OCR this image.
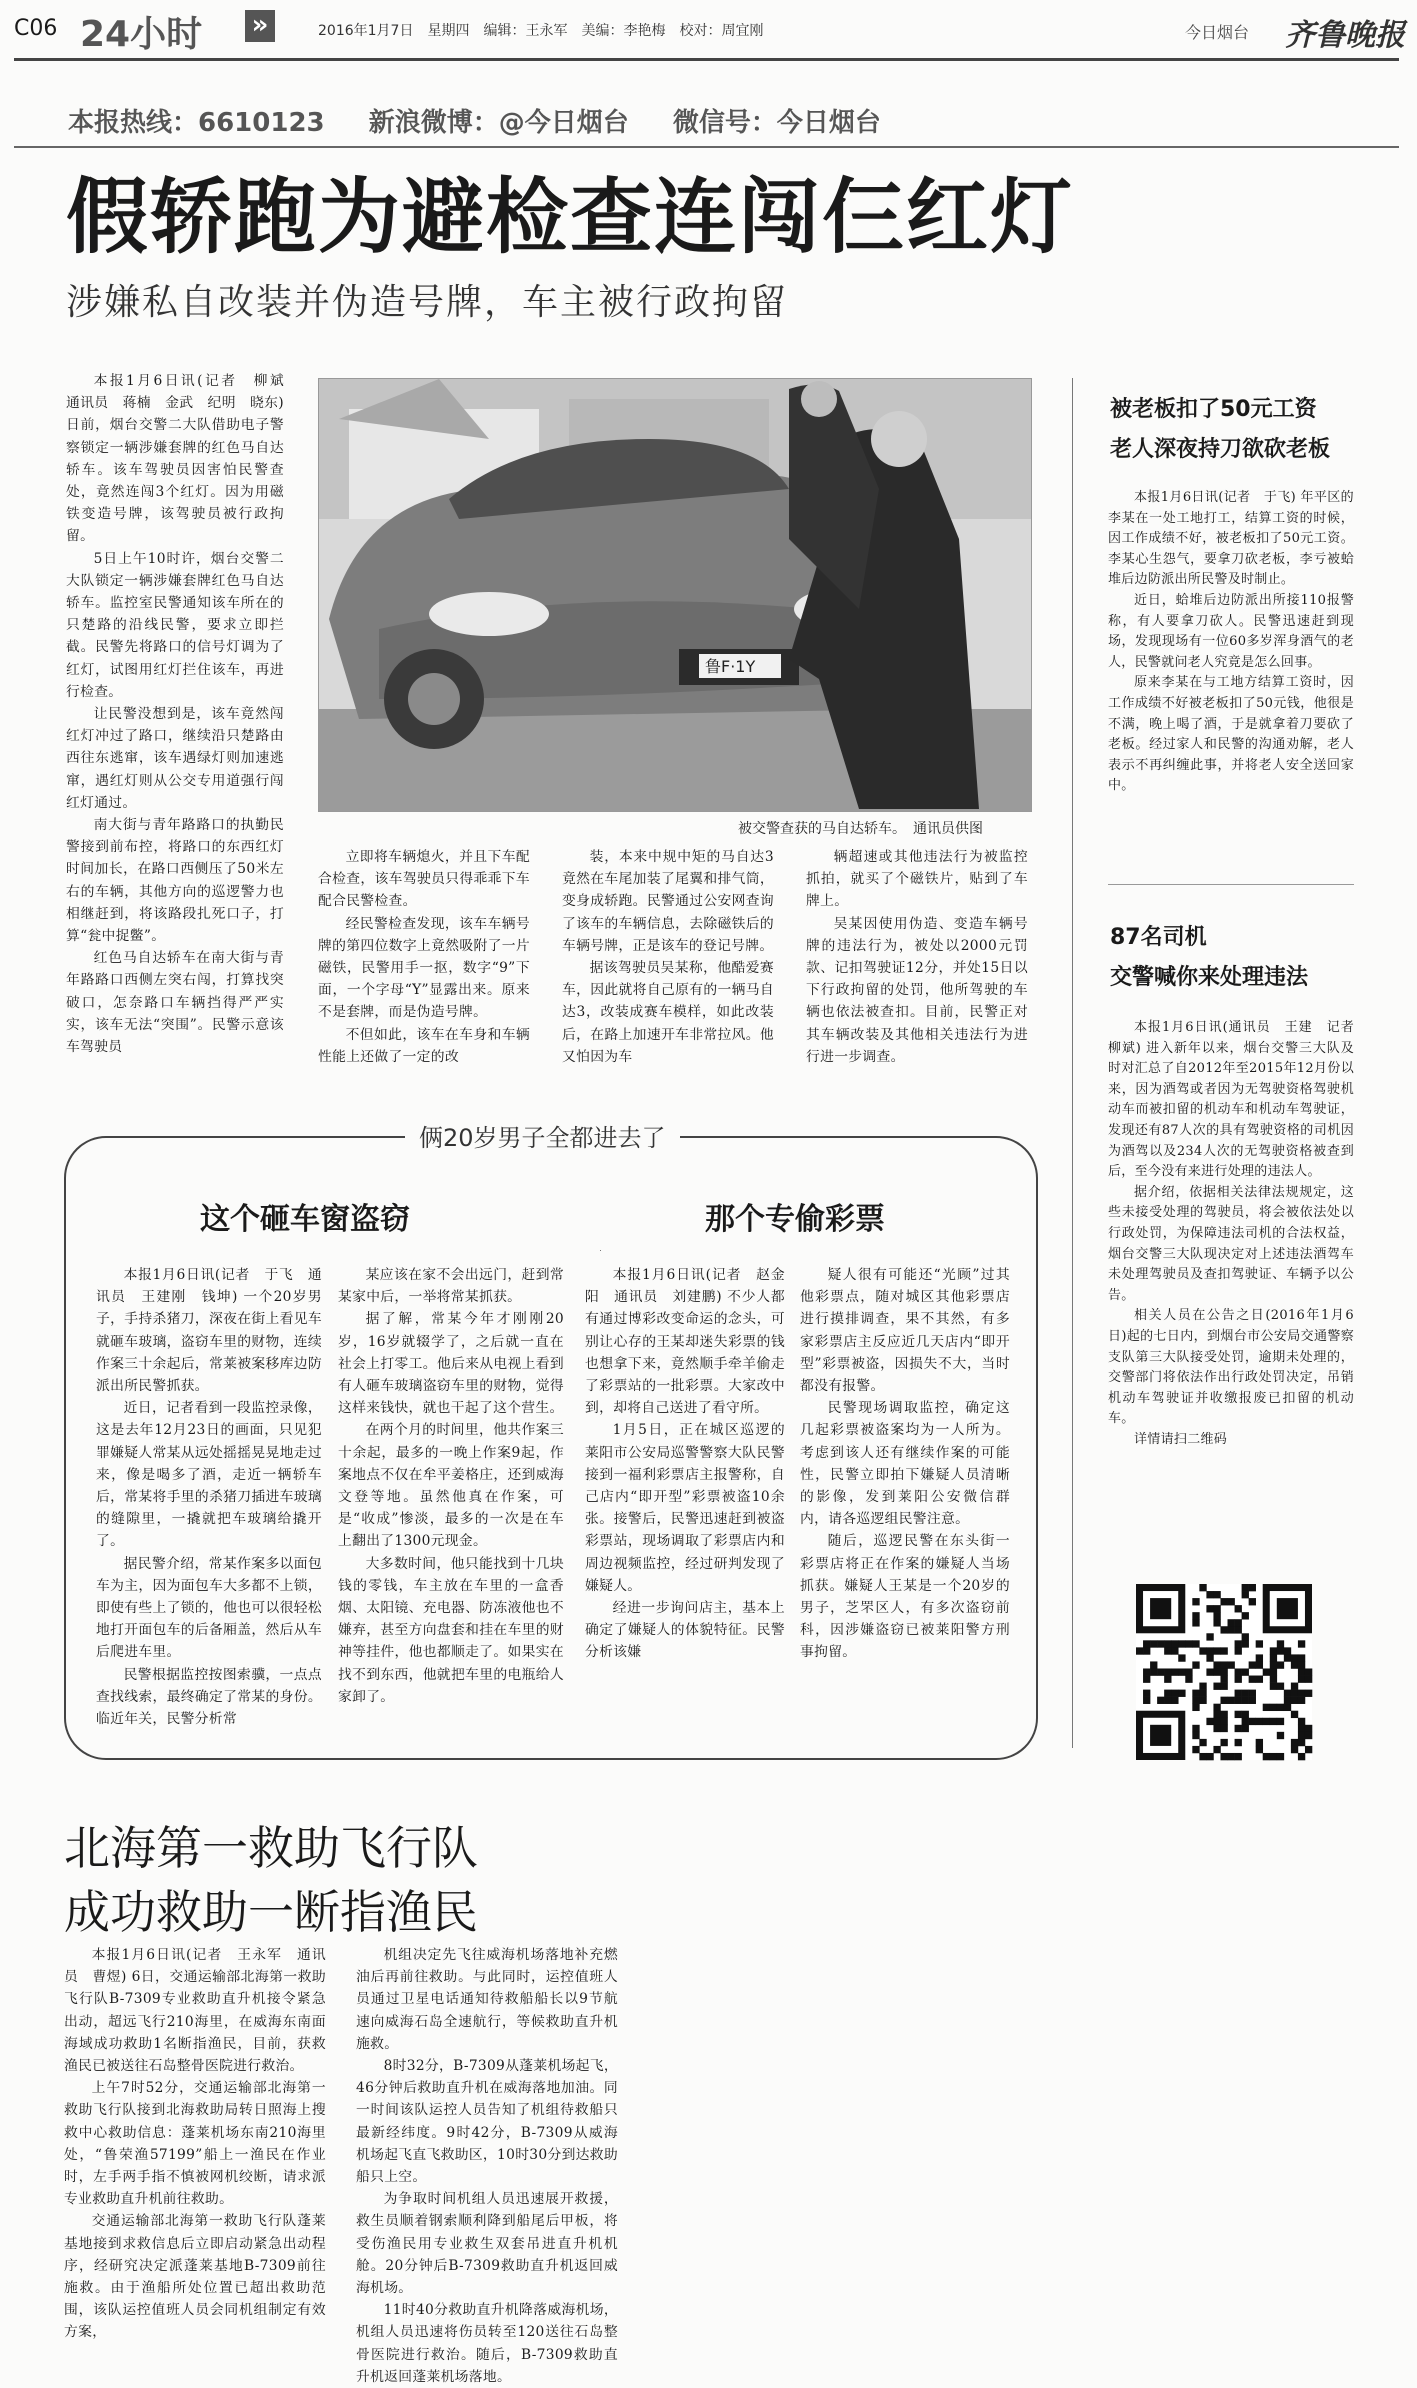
C06 24小时 »	2016年1月7日　星期四　编辑：王永军　美编：李艳梅　校对：周宜刚	今日烟台 齐鲁晚报
本报热线：6610123 新浪微博：@今日烟台 微信号：今日烟台
假轿跑为避检查连闯仨红灯
涉嫌私自改装并伪造号牌，车主被行政拘留

本报1月6日讯(记者　柳斌　通讯员　蒋楠　金武　纪明　晓东) 日前，烟台交警二大队借助电子警察锁定一辆涉嫌套牌的红色马自达轿车。该车驾驶员因害怕民警查处，竟然连闯3个红灯。因为用磁铁变造号牌，该驾驶员被行政拘留。

5日上午10时许，烟台交警二大队锁定一辆涉嫌套牌红色马自达轿车。监控室民警通知该车所在的只楚路的沿线民警，要求立即拦截。民警先将路口的信号灯调为了红灯，试图用红灯拦住该车，再进行检查。

让民警没想到是，该车竟然闯红灯冲过了路口，继续沿只楚路由西往东逃窜，该车遇绿灯则加速逃窜，遇红灯则从公交专用道强行闯红灯通过。

南大街与青年路路口的执勤民警接到前布控，将路口的东西红灯时间加长，在路口西侧压了50米左右的车辆，其他方向的巡逻警力也相继赶到，将该路段扎死口子，打算“瓮中捉鳖”。

红色马自达轿车在南大街与青年路路口西侧左突右闯，打算找突破口，怎奈路口车辆挡得严严实实，该车无法“突围”。民警示意该车驾驶员

鲁F·1Y
被交警查获的马自达轿车。　通讯员供图

立即将车辆熄火，并且下车配合检查，该车驾驶员只得乖乖下车配合民警检查。

经民警检查发现，该车车辆号牌的第四位数字上竟然吸附了一片磁铁，民警用手一抠，数字“9”下面，一个字母“Y”显露出来。原来不是套牌，而是伪造号牌。

不但如此，该车在车身和车辆性能上还做了一定的改

装，本来中规中矩的马自达3竟然在车尾加装了尾翼和排气筒，变身成轿跑。民警通过公安网查询了该车的车辆信息，去除磁铁后的车辆号牌，正是该车的登记号牌。

据该驾驶员吴某称，他酷爱赛车，因此就将自己原有的一辆马自达3，改装成赛车模样，如此改装后，在路上加速开车非常拉风。他又怕因为车

辆超速或其他违法行为被监控抓拍，就买了个磁铁片，贴到了车牌上。

吴某因使用伪造、变造车辆号牌的违法行为，被处以2000元罚款、记扣驾驶证12分，并处15日以下行政拘留的处罚，他所驾驶的车辆也依法被查扣。目前，民警正对其车辆改装及其他相关违法行为进行进一步调查。

俩20岁男子全都进去了
这个砸车窗盗窃	那个专偷彩票

本报1月6日讯(记者　于飞　通讯员　王建刚　钱坤) 一个20岁男子，手持杀猪刀，深夜在街上看见车就砸车玻璃，盗窃车里的财物，连续作案三十余起后，常莱被案移库边防派出所民警抓获。

近日，记者看到一段监控录像，这是去年12月23日的画面，只见犯罪嫌疑人常某从远处摇摇晃晃地走过来，像是喝多了酒，走近一辆轿车后，常某将手里的杀猪刀插进车玻璃的缝隙里，一撬就把车玻璃给撬开了。

据民警介绍，常某作案多以面包车为主，因为面包车大多都不上锁，即使有些上了锁的，他也可以很轻松地打开面包车的后备厢盖，然后从车后爬进车里。

民警根据监控按图索骥，一点点查找线索，最终确定了常某的身份。临近年关，民警分析常

某应该在家不会出远门，赶到常某家中后，一举将常某抓获。

据了解，常某今年才刚刚20岁，16岁就辍学了，之后就一直在社会上打零工。他后来从电视上看到有人砸车玻璃盗窃车里的财物，觉得这样来钱快，就也干起了这个营生。

在两个月的时间里，他共作案三十余起，最多的一晚上作案9起，作案地点不仅在牟平姜格庄，还到威海文登等地。虽然他真在作案，可是“收成”惨淡，最多的一次是在车上翻出了1300元现金。

大多数时间，他只能找到十几块钱的零钱，车主放在车里的一盒香烟、太阳镜、充电器、防冻液他也不嫌弃，甚至方向盘套和挂在车里的财神等挂件，他也都顺走了。如果实在找不到东西，他就把车里的电瓶给人家卸了。

本报1月6日讯(记者　赵金阳　通讯员　刘建鹏) 不少人都有通过博彩改变命运的念头，可别让心存的王某却迷失彩票的钱也想拿下来，竟然顺手牵羊偷走了彩票站的一批彩票。大家改中到，却将自己送进了看守所。

1月5日，正在城区巡逻的莱阳市公安局巡警警察大队民警接到一福利彩票店主报警称，自己店内“即开型”彩票被盗10余张。接警后，民警迅速赶到被盗彩票站，现场调取了彩票店内和周边视频监控，经过研判发现了嫌疑人。

经进一步询问店主，基本上确定了嫌疑人的体貌特征。民警分析该嫌

疑人很有可能还“光顾”过其他彩票点，随对城区其他彩票店进行摸排调查，果不其然，有多家彩票店主反应近几天店内“即开型”彩票被盗，因损失不大，当时都没有报警。

民警现场调取监控，确定这几起彩票被盗案均为一人所为。考虑到该人还有继续作案的可能性，民警立即拍下嫌疑人员清晰的影像，发到莱阳公安微信群内，请各巡逻组民警注意。

随后，巡逻民警在东头街一彩票店将正在作案的嫌疑人当场抓获。嫌疑人王某是一个20岁的男子，芝罘区人，有多次盗窃前科，因涉嫌盗窃已被莱阳警方刑事拘留。

被老板扣了50元工资
老人深夜持刀欲砍老板

本报1月6日讯(记者　于飞) 年平区的李某在一处工地打工，结算工资的时候，因工作成绩不好，被老板扣了50元工资。李某心生怨气，要拿刀砍老板，李亏被蛤堆后边防派出所民警及时制止。

近日，蛤堆后边防派出所接110报警称，有人要拿刀砍人。民警迅速赶到现场，发现现场有一位60多岁浑身酒气的老人，民警就问老人究竟是怎么回事。

原来李某在与工地方结算工资时，因工作成绩不好被老板扣了50元钱，他很是不满，晚上喝了酒，于是就拿着刀要砍了老板。经过家人和民警的沟通劝解，老人表示不再纠缠此事，并将老人安全送回家中。

87名司机
交警喊你来处理违法

本报1月6日讯(通讯员　王建　记者　柳斌) 进入新年以来，烟台交警三大队及时对汇总了自2012年至2015年12月份以来，因为酒驾或者因为无驾驶资格驾驶机动车而被扣留的机动车和机动车驾驶证，发现还有87人次的具有驾驶资格的司机因为酒驾以及234人次的无驾驶资格被查到后，至今没有来进行处理的违法人。

据介绍，依据相关法律法规规定，这些未接受处理的驾驶员，将会被依法处以行政处罚，为保障违法司机的合法权益，烟台交警三大队现决定对上述违法酒驾车未处理驾驶员及查扣驾驶证、车辆予以公告。

相关人员在公告之日(2016年1月6日)起的七日内，到烟台市公安局交通警察支队第三大队接受处罚，逾期未处理的，交警部门将依法作出行政处罚决定，吊销机动车驾驶证并收缴报废已扣留的机动车。

详情请扫二维码

北海第一救助飞行队
成功救助一断指渔民

本报1月6日讯(记者　王永军　通讯员　曹煜) 6日，交通运输部北海第一救助飞行队B-7309专业救助直升机接令紧急出动，超远飞行210海里，在威海东南面海域成功救助1名断指渔民，目前，获救渔民已被送往石岛整骨医院进行救治。

上午7时52分，交通运输部北海第一救助飞行队接到北海救助局转日照海上搜救中心救助信息：蓬莱机场东南210海里处，“鲁荣渔57199”船上一渔民在作业时，左手两手指不慎被网机绞断，请求派专业救助直升机前往救助。

交通运输部北海第一救助飞行队蓬莱基地接到求救信息后立即启动紧急出动程序，经研究决定派蓬莱基地B-7309前往施救。由于渔船所处位置已超出救助范围，该队运控值班人员会同机组制定有效方案，

机组决定先飞往威海机场落地补充燃油后再前往救助。与此同时，运控值班人员通过卫星电话通知待救船船长以9节航速向威海石岛全速航行，等候救助直升机施救。

8时32分，B-7309从蓬莱机场起飞，46分钟后救助直升机在威海落地加油。同一时间该队运控人员告知了机组待救船只最新经纬度。9时42分，B-7309从威海机场起飞直飞救助区，10时30分到达救助船只上空。

为争取时间机组人员迅速展开救援，救生员顺着钢索顺利降到船尾后甲板，将受伤渔民用专业救生双套吊进直升机机舱。20分钟后B-7309救助直升机返回威海机场。

11时40分救助直升机降落威海机场，机组人员迅速将伤员转至120送往石岛整骨医院进行救治。随后，B-7309救助直升机返回蓬莱机场落地。
